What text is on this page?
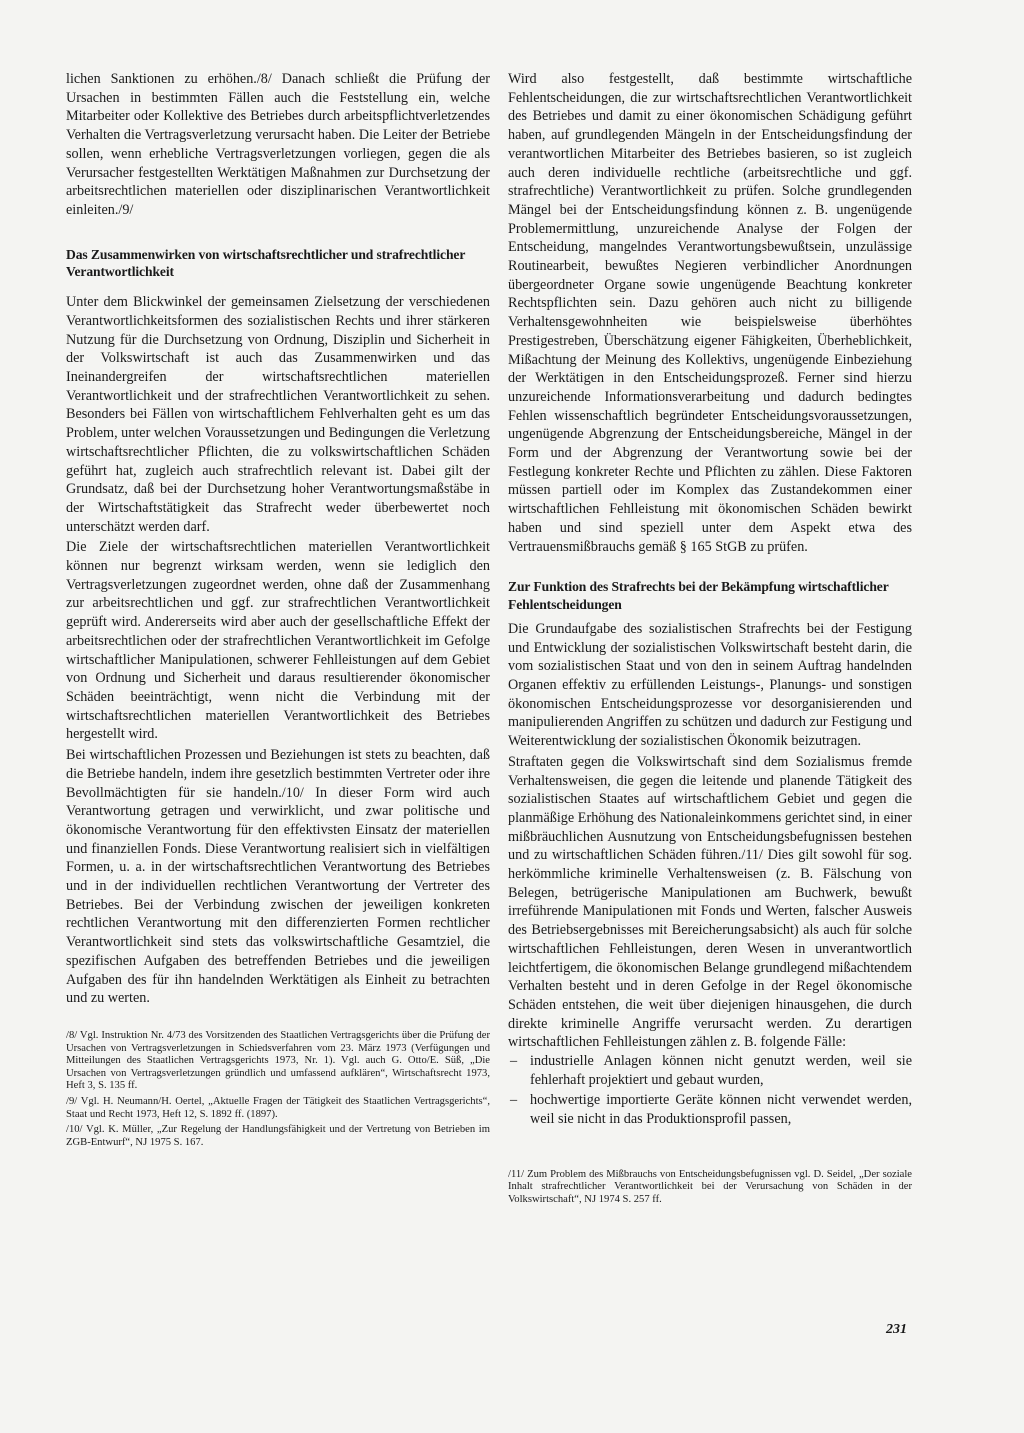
lichen Sanktionen zu erhöhen./8/ Danach schließt die Prüfung der Ursachen in bestimmten Fällen auch die Feststellung ein, welche Mitarbeiter oder Kollektive des Betriebes durch arbeitspflichtverletzendes Verhalten die Vertragsverletzung verursacht haben. Die Leiter der Betriebe sollen, wenn erhebliche Vertragsverletzungen vorliegen, gegen die als Verursacher festgestellten Werktätigen Maßnahmen zur Durchsetzung der arbeitsrechtlichen materiellen oder disziplinarischen Verantwortlichkeit einleiten./9/

Das Zusammenwirken von wirtschaftsrechtlicher und strafrechtlicher Verantwortlichkeit

Unter dem Blickwinkel der gemeinsamen Zielsetzung der verschiedenen Verantwortlichkeitsformen des sozialistischen Rechts und ihrer stärkeren Nutzung für die Durchsetzung von Ordnung, Disziplin und Sicherheit in der Volkswirtschaft ist auch das Zusammenwirken und das Ineinandergreifen der wirtschaftsrechtlichen materiellen Verantwortlichkeit und der strafrechtlichen Verantwortlichkeit zu sehen. Besonders bei Fällen von wirtschaftlichem Fehlverhalten geht es um das Problem, unter welchen Voraussetzungen und Bedingungen die Verletzung wirtschaftsrechtlicher Pflichten, die zu volkswirtschaftlichen Schäden geführt hat, zugleich auch strafrechtlich relevant ist. Dabei gilt der Grundsatz, daß bei der Durchsetzung hoher Verantwortungsmaßstäbe in der Wirtschaftstätigkeit das Strafrecht weder überbewertet noch unterschätzt werden darf.

Die Ziele der wirtschaftsrechtlichen materiellen Verantwortlichkeit können nur begrenzt wirksam werden, wenn sie lediglich den Vertragsverletzungen zugeordnet werden, ohne daß der Zusammenhang zur arbeitsrechtlichen und ggf. zur strafrechtlichen Verantwortlichkeit geprüft wird. Andererseits wird aber auch der gesellschaftliche Effekt der arbeitsrechtlichen oder der strafrechtlichen Verantwortlichkeit im Gefolge wirtschaftlicher Manipulationen, schwerer Fehlleistungen auf dem Gebiet von Ordnung und Sicherheit und daraus resultierender ökonomischer Schäden beeinträchtigt, wenn nicht die Verbindung mit der wirtschaftsrechtlichen materiellen Verantwortlichkeit des Betriebes hergestellt wird.

Bei wirtschaftlichen Prozessen und Beziehungen ist stets zu beachten, daß die Betriebe handeln, indem ihre gesetzlich bestimmten Vertreter oder ihre Bevollmächtigten für sie handeln./10/ In dieser Form wird auch Verantwortung getragen und verwirklicht, und zwar politische und ökonomische Verantwortung für den effektivsten Einsatz der materiellen und finanziellen Fonds. Diese Verantwortung realisiert sich in vielfältigen Formen, u. a. in der wirtschaftsrechtlichen Verantwortung des Betriebes und in der individuellen rechtlichen Verantwortung der Vertreter des Betriebes. Bei der Verbindung zwischen der jeweiligen konkreten rechtlichen Verantwortung mit den differenzierten Formen rechtlicher Verantwortlichkeit sind stets das volkswirtschaftliche Gesamtziel, die spezifischen Aufgaben des betreffenden Betriebes und die jeweiligen Aufgaben des für ihn handelnden Werktätigen als Einheit zu betrachten und zu werten.

/8/ Vgl. Instruktion Nr. 4/73 des Vorsitzenden des Staatlichen Vertragsgerichts über die Prüfung der Ursachen von Vertragsverletzungen in Schiedsverfahren vom 23. März 1973 (Verfügungen und Mitteilungen des Staatlichen Vertragsgerichts 1973, Nr. 1). Vgl. auch G. Otto/E. Süß, „Die Ursachen von Vertragsverletzungen gründlich und umfassend aufklären“, Wirtschaftsrecht 1973, Heft 3, S. 135 ff.

/9/ Vgl. H. Neumann/H. Oertel, „Aktuelle Fragen der Tätigkeit des Staatlichen Vertragsgerichts“, Staat und Recht 1973, Heft 12, S. 1892 ff. (1897).

/10/ Vgl. K. Müller, „Zur Regelung der Handlungsfähigkeit und der Vertretung von Betrieben im ZGB-Entwurf“, NJ 1975 S. 167.

Wird also festgestellt, daß bestimmte wirtschaftliche Fehlentscheidungen, die zur wirtschaftsrechtlichen Verantwortlichkeit des Betriebes und damit zu einer ökonomischen Schädigung geführt haben, auf grundlegenden Mängeln in der Entscheidungsfindung der verantwortlichen Mitarbeiter des Betriebes basieren, so ist zugleich auch deren individuelle rechtliche (arbeitsrechtliche und ggf. strafrechtliche) Verantwortlichkeit zu prüfen. Solche grundlegenden Mängel bei der Entscheidungsfindung können z. B. ungenügende Problemermittlung, unzureichende Analyse der Folgen der Entscheidung, mangelndes Verantwortungsbewußtsein, unzulässige Routinearbeit, bewußtes Negieren verbindlicher Anordnungen übergeordneter Organe sowie ungenügende Beachtung konkreter Rechtspflichten sein. Dazu gehören auch nicht zu billigende Verhaltensgewohnheiten wie beispielsweise überhöhtes Prestigestreben, Überschätzung eigener Fähigkeiten, Überheblichkeit, Mißachtung der Meinung des Kollektivs, ungenügende Einbeziehung der Werktätigen in den Entscheidungsprozeß. Ferner sind hierzu unzureichende Informationsverarbeitung und dadurch bedingtes Fehlen wissenschaftlich begründeter Entscheidungsvoraussetzungen, ungenügende Abgrenzung der Entscheidungsbereiche, Mängel in der Form und der Abgrenzung der Verantwortung sowie bei der Festlegung konkreter Rechte und Pflichten zu zählen. Diese Faktoren müssen partiell oder im Komplex das Zustandekommen einer wirtschaftlichen Fehlleistung mit ökonomischen Schäden bewirkt haben und sind speziell unter dem Aspekt etwa des Vertrauensmißbrauchs gemäß § 165 StGB zu prüfen.

Zur Funktion des Strafrechts bei der Bekämpfung wirtschaftlicher Fehlentscheidungen

Die Grundaufgabe des sozialistischen Strafrechts bei der Festigung und Entwicklung der sozialistischen Volkswirtschaft besteht darin, die vom sozialistischen Staat und von den in seinem Auftrag handelnden Organen effektiv zu erfüllenden Leistungs-, Planungs- und sonstigen ökonomischen Entscheidungsprozesse vor desorganisierenden und manipulierenden Angriffen zu schützen und dadurch zur Festigung und Weiterentwicklung der sozialistischen Ökonomik beizutragen.

Straftaten gegen die Volkswirtschaft sind dem Sozialismus fremde Verhaltensweisen, die gegen die leitende und planende Tätigkeit des sozialistischen Staates auf wirtschaftlichem Gebiet und gegen die planmäßige Erhöhung des Nationaleinkommens gerichtet sind, in einer mißbräuchlichen Ausnutzung von Entscheidungsbefugnissen bestehen und zu wirtschaftlichen Schäden führen./11/ Dies gilt sowohl für sog. herkömmliche kriminelle Verhaltensweisen (z. B. Fälschung von Belegen, betrügerische Manipulationen am Buchwerk, bewußt irreführende Manipulationen mit Fonds und Werten, falscher Ausweis des Betriebsergebnisses mit Bereicherungsabsicht) als auch für solche wirtschaftlichen Fehlleistungen, deren Wesen in unverantwortlich leichtfertigem, die ökonomischen Belange grundlegend mißachtendem Verhalten besteht und in deren Gefolge in der Regel ökonomische Schäden entstehen, die weit über diejenigen hinausgehen, die durch direkte kriminelle Angriffe verursacht werden. Zu derartigen wirtschaftlichen Fehlleistungen zählen z. B. folgende Fälle:

– industrielle Anlagen können nicht genutzt werden, weil sie fehlerhaft projektiert und gebaut wurden,
– hochwertige importierte Geräte können nicht verwendet werden, weil sie nicht in das Produktionsprofil passen,

/11/ Zum Problem des Mißbrauchs von Entscheidungsbefugnissen vgl. D. Seidel, „Der soziale Inhalt strafrechtlicher Verantwortlichkeit bei der Verursachung von Schäden in der Volkswirtschaft“, NJ 1974 S. 257 ff.

231
